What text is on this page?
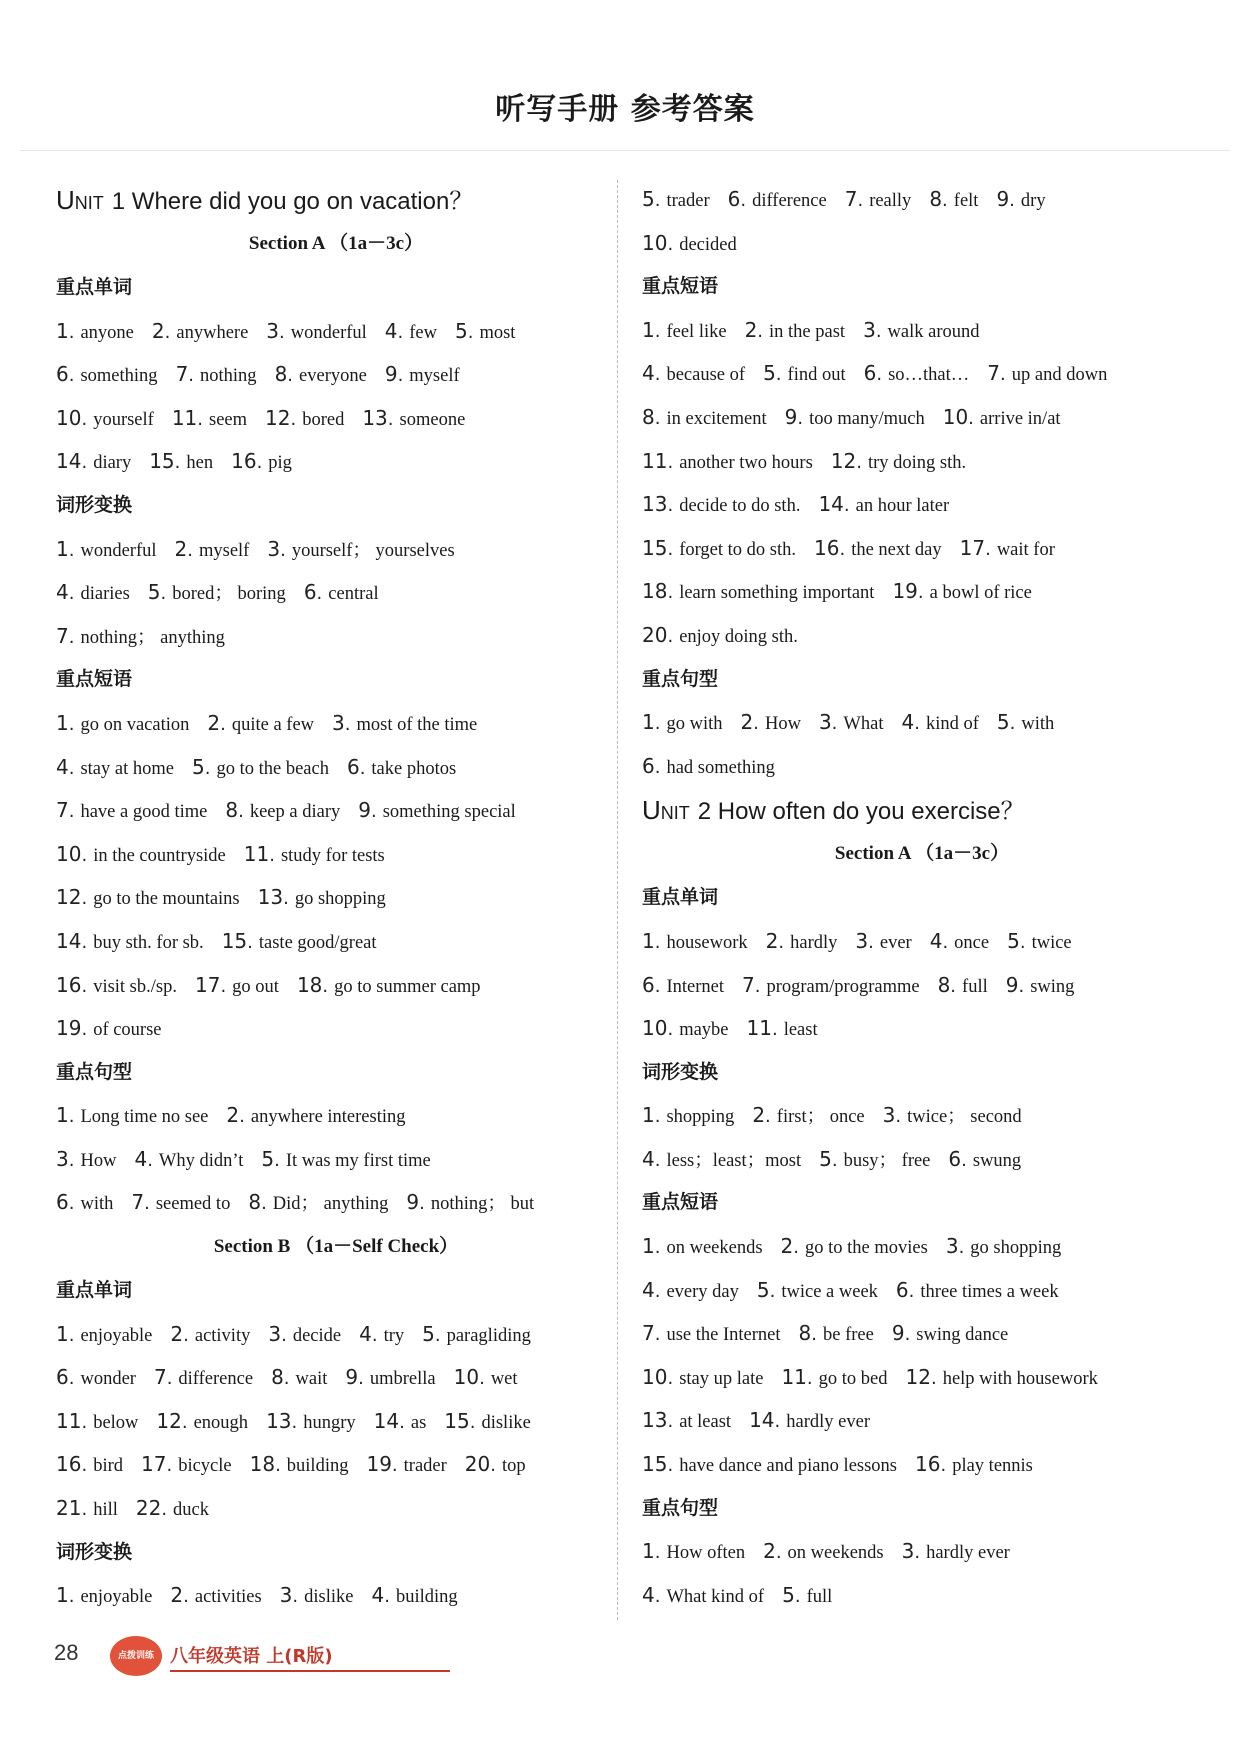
听写手册 参考答案
UNIT 1 Where did you go on vacation？
Section A （1a－3c）
重点单词
1 . anyone 2 . anywhere 3 . wonderful 4 . few 5 . most
6 . something 7 . nothing 8 . everyone 9 . myself
10 . yourself 11 . seem 12 . bored 13 . someone
14 . diary 15 . hen 16 . pig
词形变换
1 . wonderful 2 . myself 3 . yourself； yourselves
4 . diaries 5 . bored； boring 6 . central
7 . nothing； anything
重点短语
1 . go on vacation 2 . quite a few 3 . most of the time
4 . stay at home 5 . go to the beach 6 . take photos
7 . have a good time 8 . keep a diary 9 . something special
10 . in the countryside 11 . study for tests
12 . go to the mountains 13 . go shopping
14 . buy sth. for sb. 15 . taste good/great
16 . visit sb./sp. 17 . go out 18 . go to summer camp
19 . of course
重点句型
1 . Long time no see 2 . anywhere interesting
3 . How 4 . Why didn’t 5 . It was my first time
6 . with 7 . seemed to 8 . Did； anything 9 . nothing； but
Section B （1a－Self Check）
重点单词
1 . enjoyable 2 . activity 3 . decide 4 . try 5 . paragliding
6 . wonder 7 . difference 8 . wait 9 . umbrella 10 . wet
11 . below 12 . enough 13 . hungry 14 . as 15 . dislike
16 . bird 17 . bicycle 18 . building 19 . trader 20 . top
21 . hill 22 . duck
词形变换
1 . enjoyable 2 . activities 3 . dislike 4 . building
5 . trader 6 . difference 7 . really 8 . felt 9 . dry
10 . decided
重点短语
1 . feel like 2 . in the past 3 . walk around
4 . because of 5 . find out 6 . so…that… 7 . up and down
8 . in excitement 9 . too many/much 10 . arrive in/at
11 . another two hours 12 . try doing sth.
13 . decide to do sth. 14 . an hour later
15 . forget to do sth. 16 . the next day 17 . wait for
18 . learn something important 19 . a bowl of rice
20 . enjoy doing sth.
重点句型
1 . go with 2 . How 3 . What 4 . kind of 5 . with
6 . had something
UNIT 2 How often do you exercise？
Section A （1a－3c）
重点单词
1 . housework 2 . hardly 3 . ever 4 . once 5 . twice
6 . Internet 7 . program/programme 8 . full 9 . swing
10 . maybe 11 . least
词形变换
1 . shopping 2 . first； once 3 . twice； second
4 . less；least；most 5 . busy； free 6 . swung
重点短语
1 . on weekends 2 . go to the movies 3 . go shopping
4 . every day 5 . twice a week 6 . three times a week
7 . use the Internet 8 . be free 9 . swing dance
10 . stay up late 11 . go to bed 12 . help with housework
13 . at least 14 . hardly ever
15 . have dance and piano lessons 16 . play tennis
重点句型
1 . How often 2 . on weekends 3 . hardly ever
4 . What kind of 5 . full
28	点拨训练 八年级英语 上(R版)
